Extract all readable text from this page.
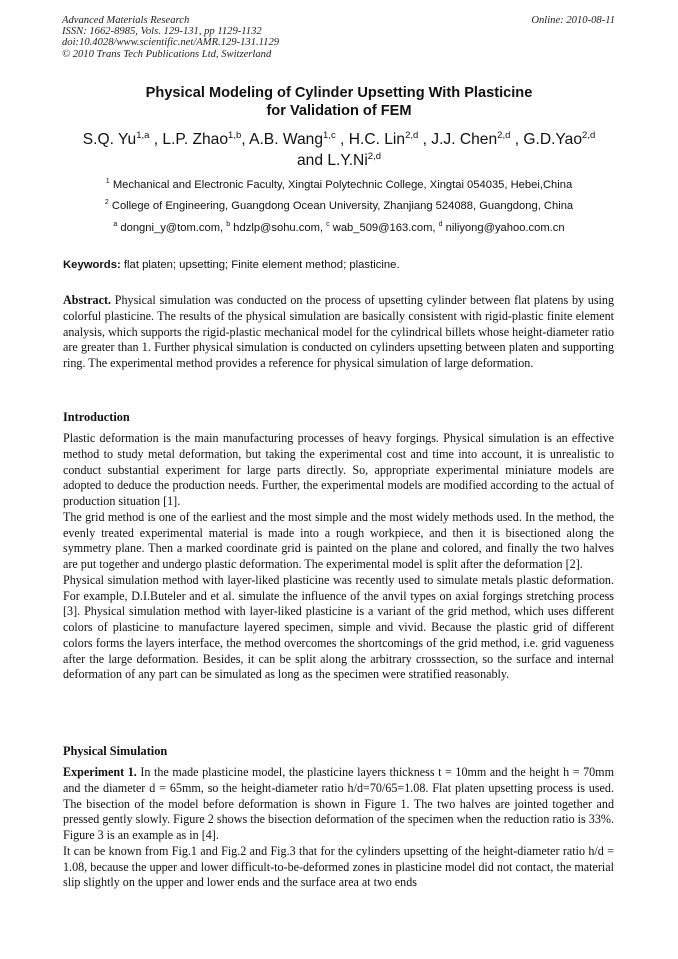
Advanced Materials Research
ISSN: 1662-8985, Vols. 129-131, pp 1129-1132
doi:10.4028/www.scientific.net/AMR.129-131.1129
© 2010 Trans Tech Publications Ltd, Switzerland
Online: 2010-08-11
Physical Modeling of Cylinder Upsetting With Plasticine
for Validation of FEM
S.Q. Yu$^{1,a}$ , L.P. Zhao$^{1,b}$, A.B. Wang$^{1,c}$ , H.C. Lin$^{2,d}$ , J.J. Chen$^{2,d}$ , G.D.Yao$^{2,d}$
and L.Y.Ni$^{2,d}$
$^1$ Mechanical and Electronic Faculty, Xingtai Polytechnic College, Xingtai 054035, Hebei,China
$^2$ College of Engineering, Guangdong Ocean University, Zhanjiang 524088, Guangdong, China
$^a$ dongni_y@tom.com, $^b$ hdzlp@sohu.com, $^c$ wab_509@163.com, $^d$ niliyong@yahoo.com.cn
Keywords: flat platen; upsetting; Finite element method; plasticine.
Abstract. Physical simulation was conducted on the process of upsetting cylinder between flat platens by using colorful plasticine. The results of the physical simulation are basically consistent with rigid-plastic finite element analysis, which supports the rigid-plastic mechanical model for the cylindrical billets whose height-diameter ratio are greater than 1. Further physical simulation is conducted on cylinders upsetting between platen and supporting ring. The experimental method provides a reference for physical simulation of large deformation.
Introduction
Plastic deformation is the main manufacturing processes of heavy forgings. Physical simulation is an effective method to study metal deformation, but taking the experimental cost and time into account, it is unrealistic to conduct substantial experiment for large parts directly. So, appropriate experimental miniature models are adopted to deduce the production needs. Further, the experimental models are modified according to the actual of production situation [1].
The grid method is one of the earliest and the most simple and the most widely methods used. In the method, the evenly treated experimental material is made into a rough workpiece, and then it is bisectioned along the symmetry plane. Then a marked coordinate grid is painted on the plane and colored, and finally the two halves are put together and undergo plastic deformation. The experimental model is split after the deformation [2].
Physical simulation method with layer-liked plasticine was recently used to simulate metals plastic deformation. For example, D.I.Buteler and et al. simulate the influence of the anvil types on axial forgings stretching process [3]. Physical simulation method with layer-liked plasticine is a variant of the grid method, which uses different colors of plasticine to manufacture layered specimen, simple and vivid. Because the plastic grid of different colors forms the layers interface, the method overcomes the shortcomings of the grid method, i.e. grid vagueness after the large deformation. Besides, it can be split along the arbitrary crosssection, so the surface and internal deformation of any part can be simulated as long as the specimen were stratified reasonably.
Physical Simulation
Experiment 1. In the made plasticine model, the plasticine layers thickness t = 10mm and the height h = 70mm and the diameter d = 65mm, so the height-diameter ratio h/d=70/65=1.08. Flat platen upsetting process is used. The bisection of the model before deformation is shown in Figure 1. The two halves are jointed together and pressed gently slowly. Figure 2 shows the bisection deformation of the specimen when the reduction ratio is 33%. Figure 3 is an example as in [4].
It can be known from Fig.1 and Fig.2 and Fig.3 that for the cylinders upsetting of the height-diameter ratio h/d = 1.08, because the upper and lower difficult-to-be-deformed zones in plasticine model did not contact, the material slip slightly on the upper and lower ends and the surface area at two ends
